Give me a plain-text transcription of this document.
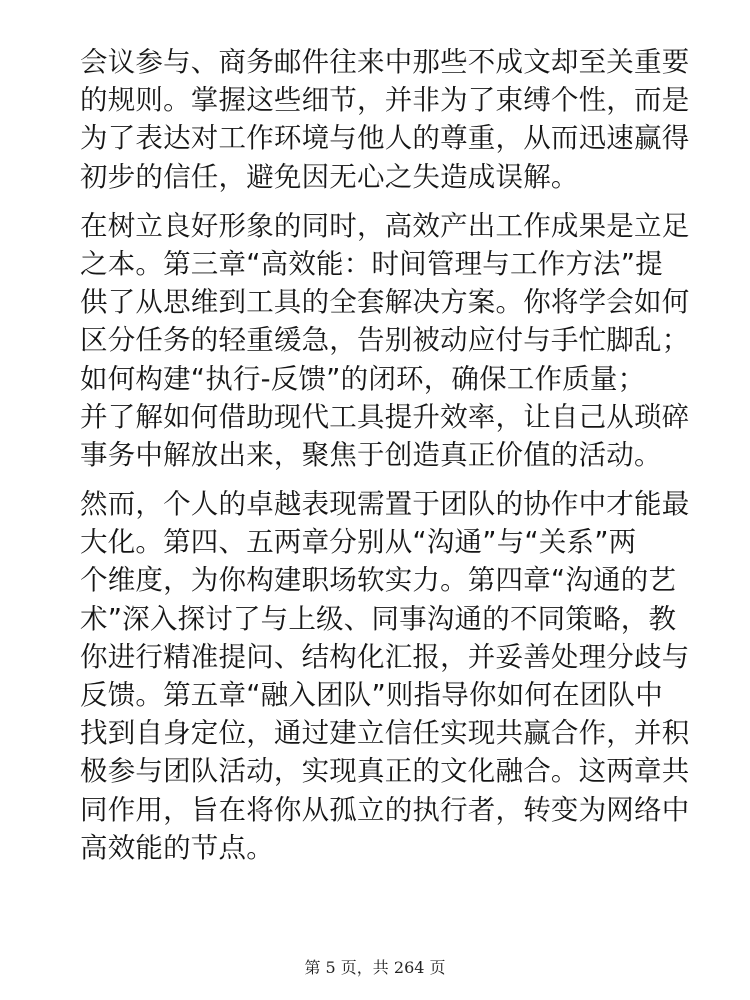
会议参与、商务邮件往来中那些不成文却至关重要
的规则。掌握这些细节，并非为了束缚个性，而是
为了表达对工作环境与他人的尊重，从而迅速赢得
初步的信任，避免因无心之失造成误解。
在树立良好形象的同时，高效产出工作成果是立足
之本。第三章“高效能：时间管理与工作方法”提
供了从思维到工具的全套解决方案。你将学会如何
区分任务的轻重缓急，告别被动应付与手忙脚乱；
如何构建“执行-反馈”的闭环，确保工作质量；
并了解如何借助现代工具提升效率，让自己从琐碎
事务中解放出来，聚焦于创造真正价值的活动。
然而，个人的卓越表现需置于团队的协作中才能最
大化。第四、五两章分别从“沟通”与“关系”两
个维度，为你构建职场软实力。第四章“沟通的艺
术”深入探讨了与上级、同事沟通的不同策略，教
你进行精准提问、结构化汇报，并妥善处理分歧与
反馈。第五章“融入团队”则指导你如何在团队中
找到自身定位，通过建立信任实现共赢合作，并积
极参与团队活动，实现真正的文化融合。这两章共
同作用，旨在将你从孤立的执行者，转变为网络中
高效能的节点。
第 5 页，共 264 页
